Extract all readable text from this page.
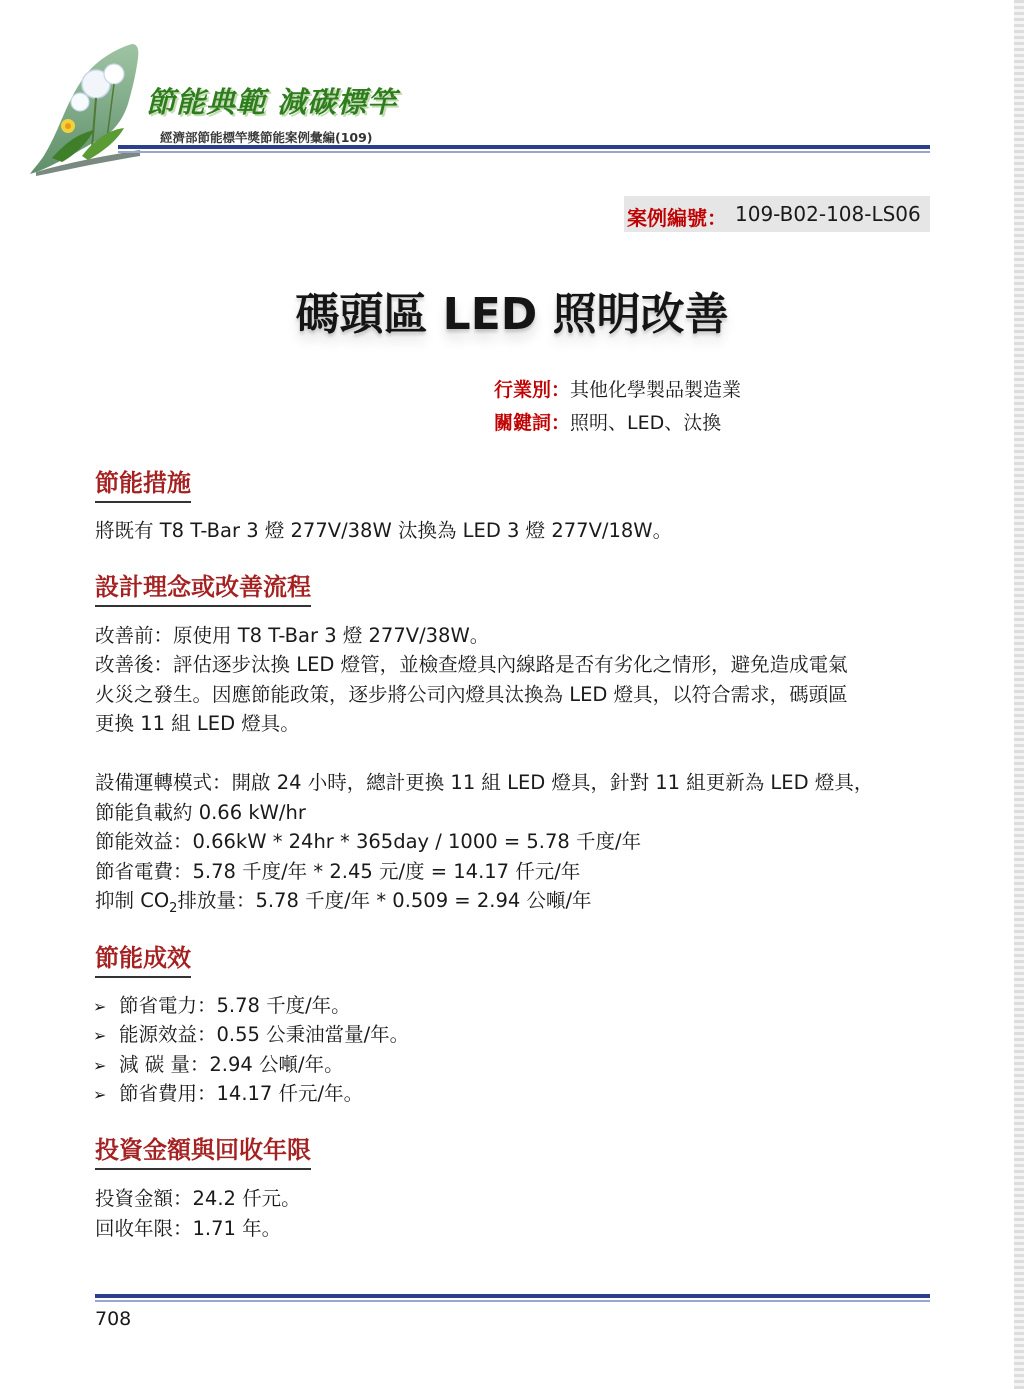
節能典範 減碳標竿
經濟部節能標竿獎節能案例彙編(109)
案例編號： 109-B02-108-LS06
碼頭區 LED 照明改善
行業別：其他化學製品製造業
關鍵詞：照明、LED、汰換
節能措施
將既有 T8 T-Bar 3 燈 277V/38W 汰換為 LED 3 燈 277V/18W。
設計理念或改善流程
改善前：原使用 T8 T-Bar 3 燈 277V/38W。
改善後：評估逐步汰換 LED 燈管，並檢查燈具內線路是否有劣化之情形，避免造成電氣
火災之發生。因應節能政策，逐步將公司內燈具汰換為 LED 燈具，以符合需求，碼頭區
更換 11 組 LED 燈具。
設備運轉模式：開啟 24 小時，總計更換 11 組 LED 燈具，針對 11 組更新為 LED 燈具，
節能負載約 0.66 kW/hr
節能效益：0.66kW * 24hr * 365day / 1000 = 5.78 千度/年
節省電費：5.78 千度/年 * 2.45 元/度 = 14.17 仟元/年
抑制 $CO_2$排放量：5.78 千度/年 * 0.509 = 2.94 公噸/年
節能成效
➢ 節省電力：5.78 千度/年。
➢ 能源效益：0.55 公秉油當量/年。
➢ 減 碳 量：2.94 公噸/年。
➢ 節省費用：14.17 仟元/年。
投資金額與回收年限
投資金額：24.2 仟元。
回收年限：1.71 年。
708
